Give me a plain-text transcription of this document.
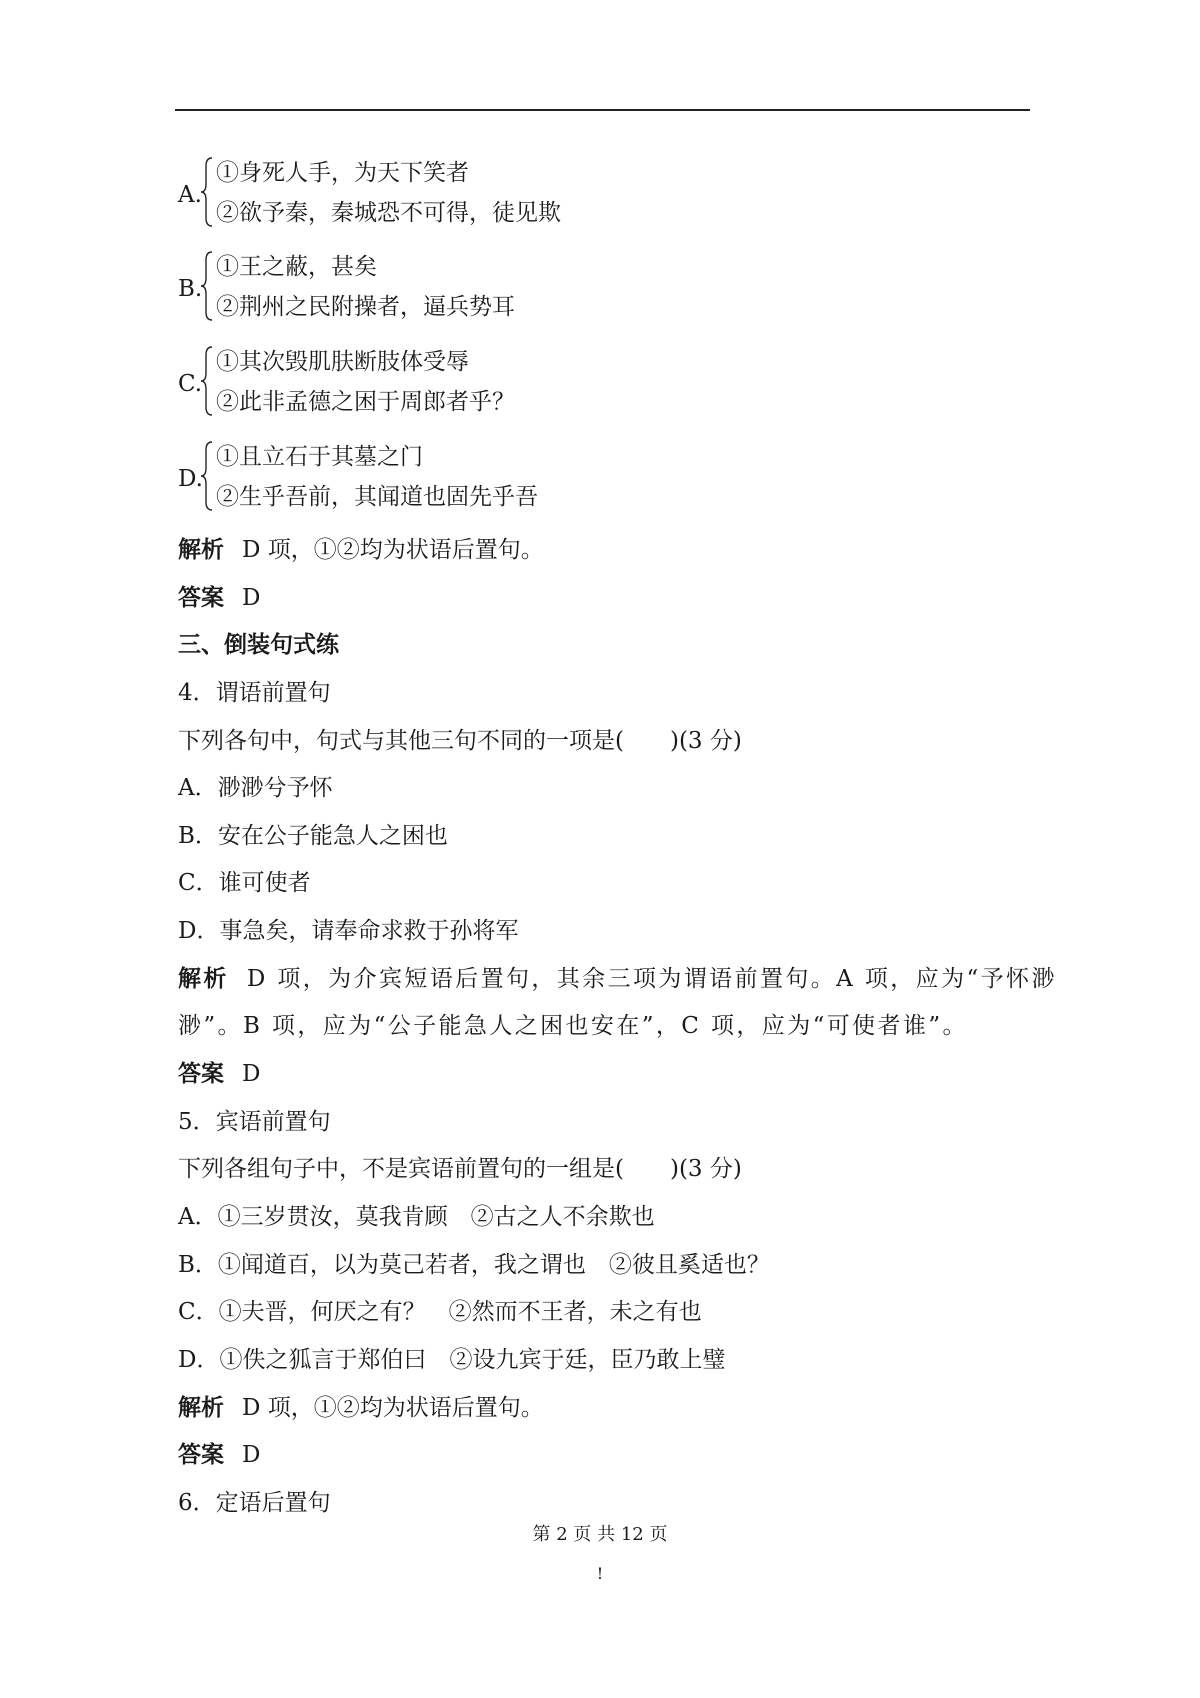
A.
①身死人手，为天下笑者
②欲予秦，秦城恐不可得，徒见欺
B.
①王之蔽，甚矣
②荆州之民附操者，逼兵势耳
C.
①其次毁肌肤断肢体受辱
②此非孟德之困于周郎者乎？
D.
①且立石于其墓之门
②生乎吾前，其闻道也固先乎吾
解析 D 项，①②均为状语后置句。
答案 D
三、倒装句式练
4．谓语前置句
下列各句中，句式与其他三句不同的一项是(　　)(3 分)
A．渺渺兮予怀
B．安在公子能急人之困也
C．谁可使者
D．事急矣，请奉命求救于孙将军
解析 D 项，为介宾短语后置句，其余三项为谓语前置句。A 项，应为“予怀渺
渺”。B 项，应为“公子能急人之困也安在”，C 项，应为“可使者谁”。
答案 D
5．宾语前置句
下列各组句子中，不是宾语前置句的一组是(　　)(3 分)
A．①三岁贯汝，莫我肯顾　②古之人不余欺也
B．①闻道百，以为莫己若者，我之谓也　②彼且奚适也？
C．①夫晋，何厌之有？　②然而不王者，未之有也
D．①佚之狐言于郑伯曰　②设九宾于廷，臣乃敢上璧
解析 D 项，①②均为状语后置句。
答案 D
6．定语后置句
第 2 页 共 12 页
!
